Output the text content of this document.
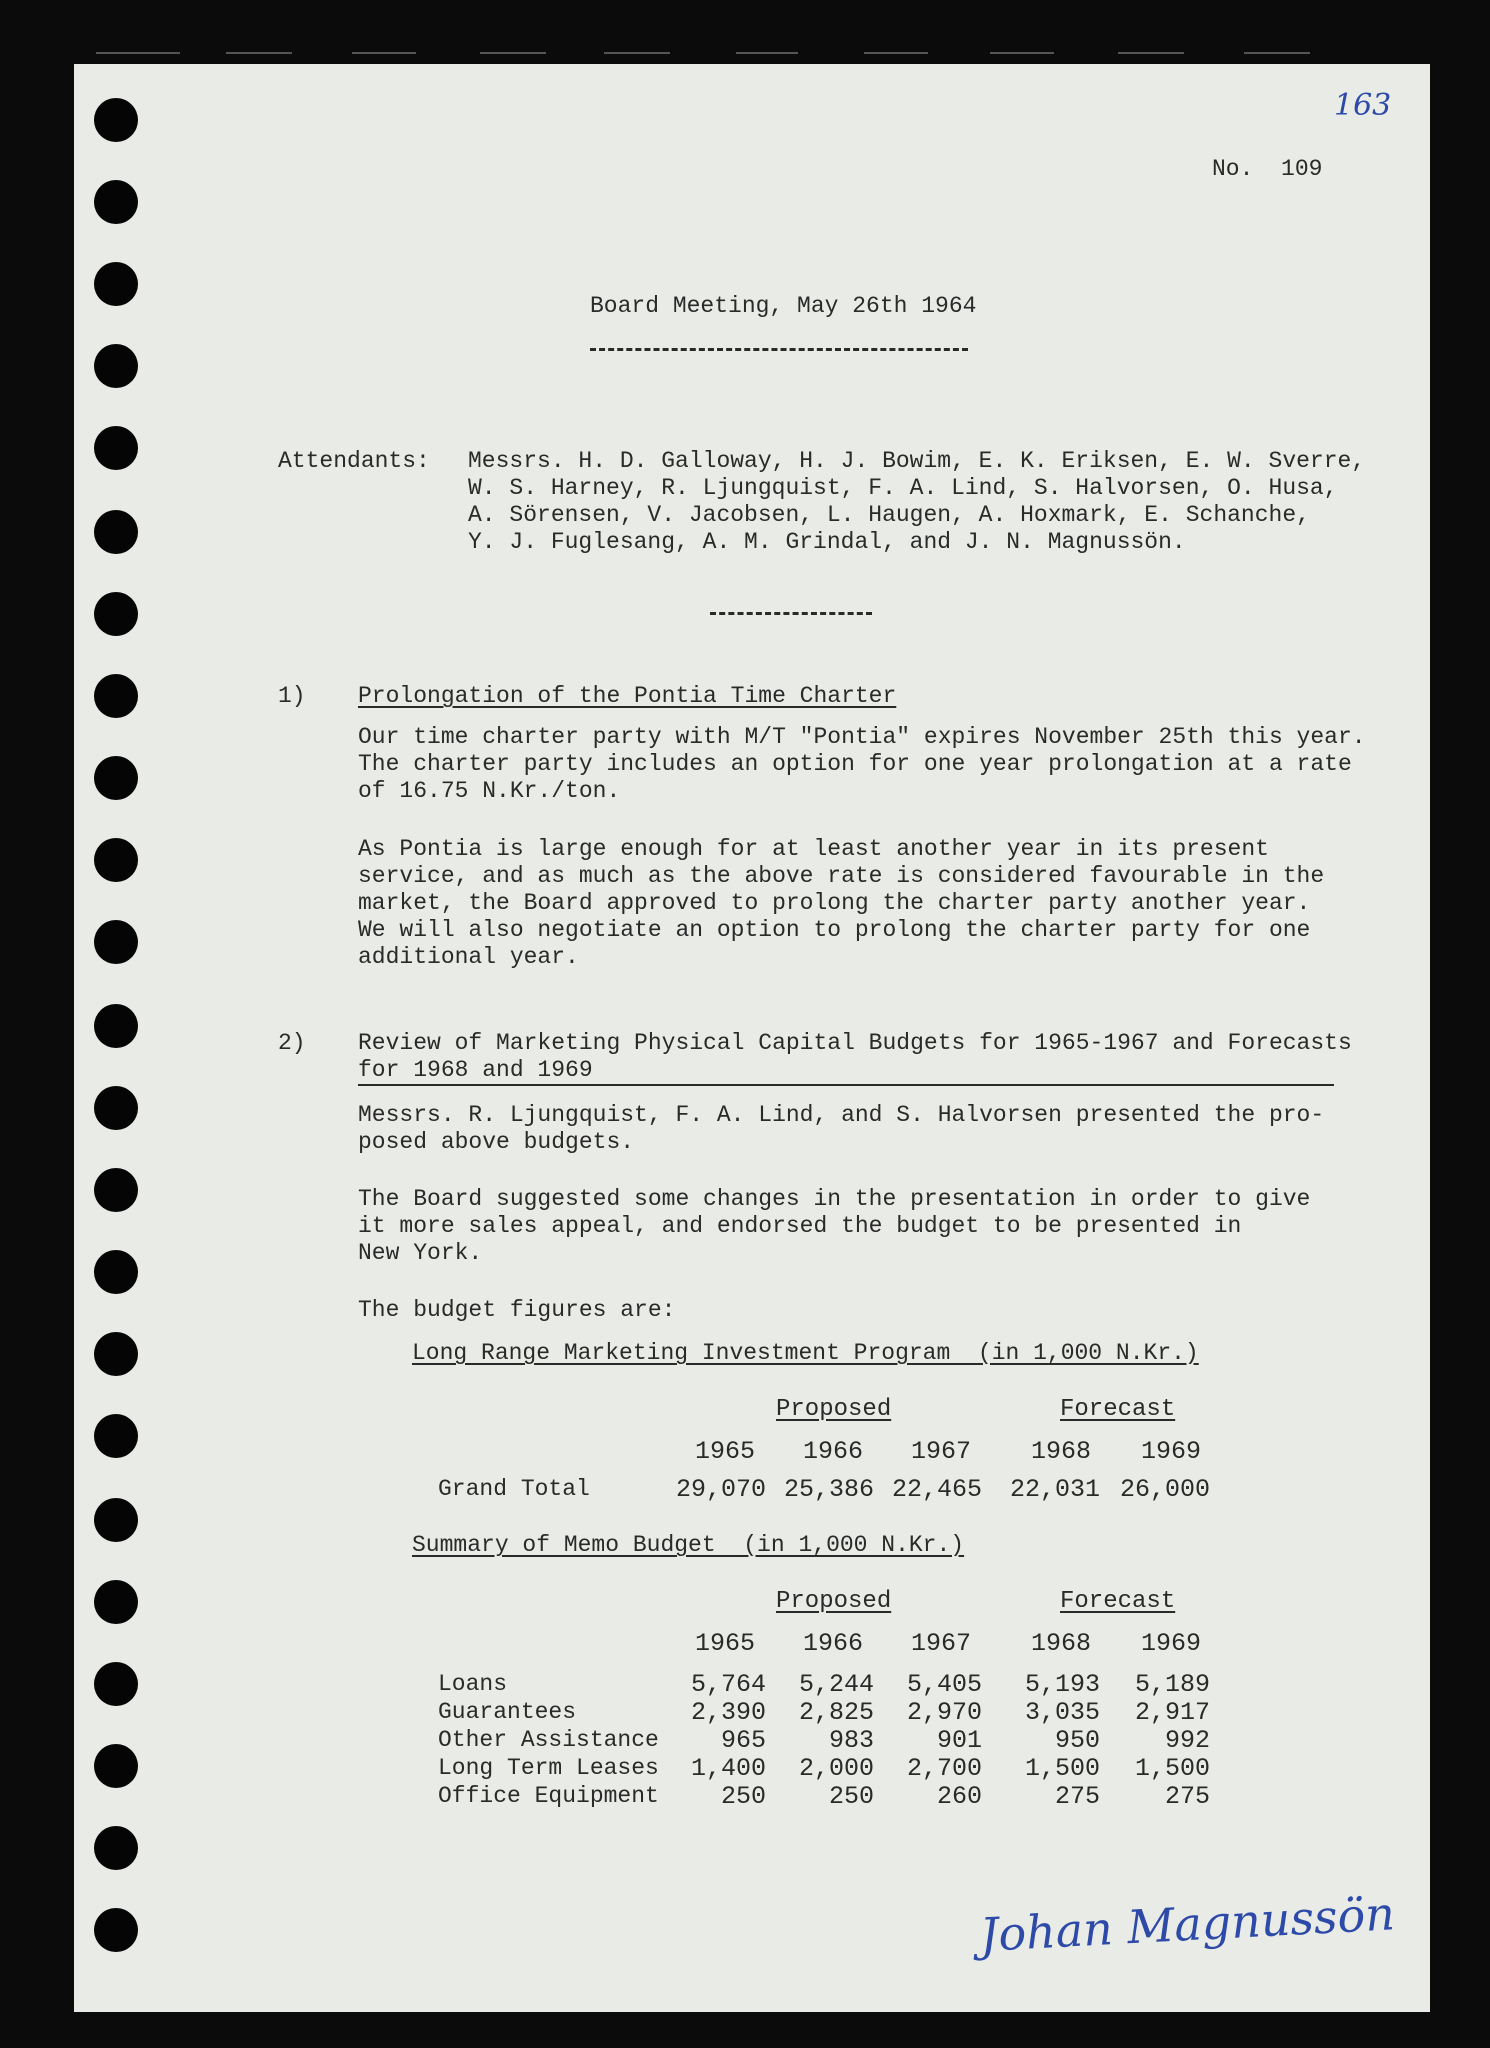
163
No.  109
Board Meeting, May 26th 1964
Attendants: Messrs. H. D. Galloway, H. J. Bowim, E. K. Eriksen, E. W. Sverre,
W. S. Harney, R. Ljungquist, F. A. Lind, S. Halvorsen, O. Husa,
A. Sörensen, V. Jacobsen, L. Haugen, A. Hoxmark, E. Schanche,
Y. J. Fuglesang, A. M. Grindal, and J. N. Magnussön.
1) Prolongation of the Pontia Time Charter
Our time charter party with M/T "Pontia" expires November 25th this year.
The charter party includes an option for one year prolongation at a rate
of 16.75 N.Kr./ton.
As Pontia is large enough for at least another year in its present
service, and as much as the above rate is considered favourable in the
market, the Board approved to prolong the charter party another year.
We will also negotiate an option to prolong the charter party for one
additional year.
2) Review of Marketing Physical Capital Budgets for 1965-1967 and Forecasts
for 1968 and 1969
Messrs. R. Ljungquist, F. A. Lind, and S. Halvorsen presented the pro-
posed above budgets.
The Board suggested some changes in the presentation in order to give
it more sales appeal, and endorsed the budget to be presented in
New York.
The budget figures are:
Long Range Marketing Investment Program  (in 1,000 N.Kr.)
Proposed	Forecast
1965	1966	1967	1968	1969
Grand Total	29,070 25,386 22,465	22,031 26,000
Summary of Memo Budget  (in 1,000 N.Kr.)
Proposed	Forecast
1965	1966	1967	1968	1969
Loans	5,764	5,244	5,405	5,193	5,189
Guarantees	2,390	2,825	2,970	3,035	2,917
Other Assistance	965	983	901	950	992
Long Term Leases	1,400	2,000	2,700	1,500	1,500
Office Equipment	250	250	260	275	275
Johan Magnussön
